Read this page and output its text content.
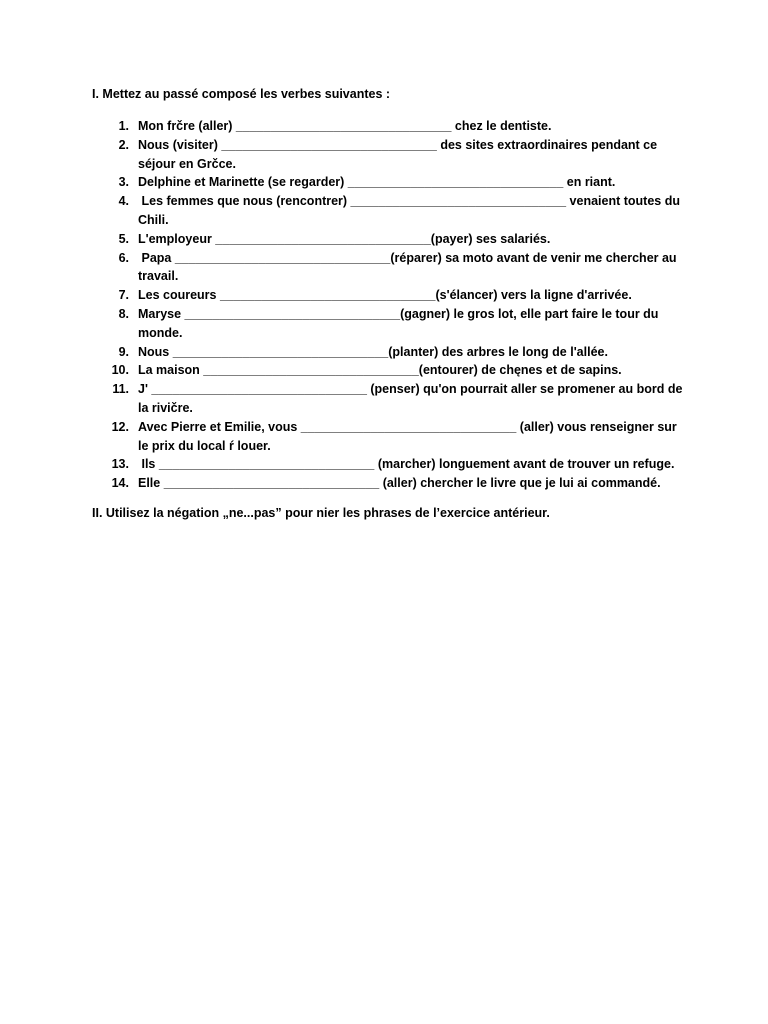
I. Mettez au passé composé les verbes suivantes :
1. Mon frčre (aller) _______________________________ chez le dentiste.
2. Nous (visiter) _______________________________ des sites extraordinaires pendant ce
séjour en Grčce.
3. Delphine et Marinette (se regarder) _______________________________ en riant.
4. Les femmes que nous (rencontrer) _______________________________ venaient toutes du
Chili.
5. L'employeur _______________________________(payer) ses salariés.
6. Papa _______________________________(réparer) sa moto avant de venir me chercher au
travail.
7. Les coureurs _______________________________(s'élancer) vers la ligne d'arrivée.
8. Maryse _______________________________(gagner) le gros lot, elle part faire le tour du
monde.
9. Nous _______________________________(planter) des arbres le long de l'allée.
10. La maison _______________________________(entourer) de chęnes et de sapins.
11. J' _______________________________ (penser) qu'on pourrait aller se promener au bord de
la rivičre.
12. Avec Pierre et Emilie, vous _______________________________ (aller) vous renseigner sur
le prix du local ŕ louer.
13. Ils _______________________________ (marcher) longuement avant de trouver un refuge.
14. Elle _______________________________ (aller) chercher le livre que je lui ai commandé.
II. Utilisez la négation „ne...pas” pour nier les phrases de l’exercice antérieur.
